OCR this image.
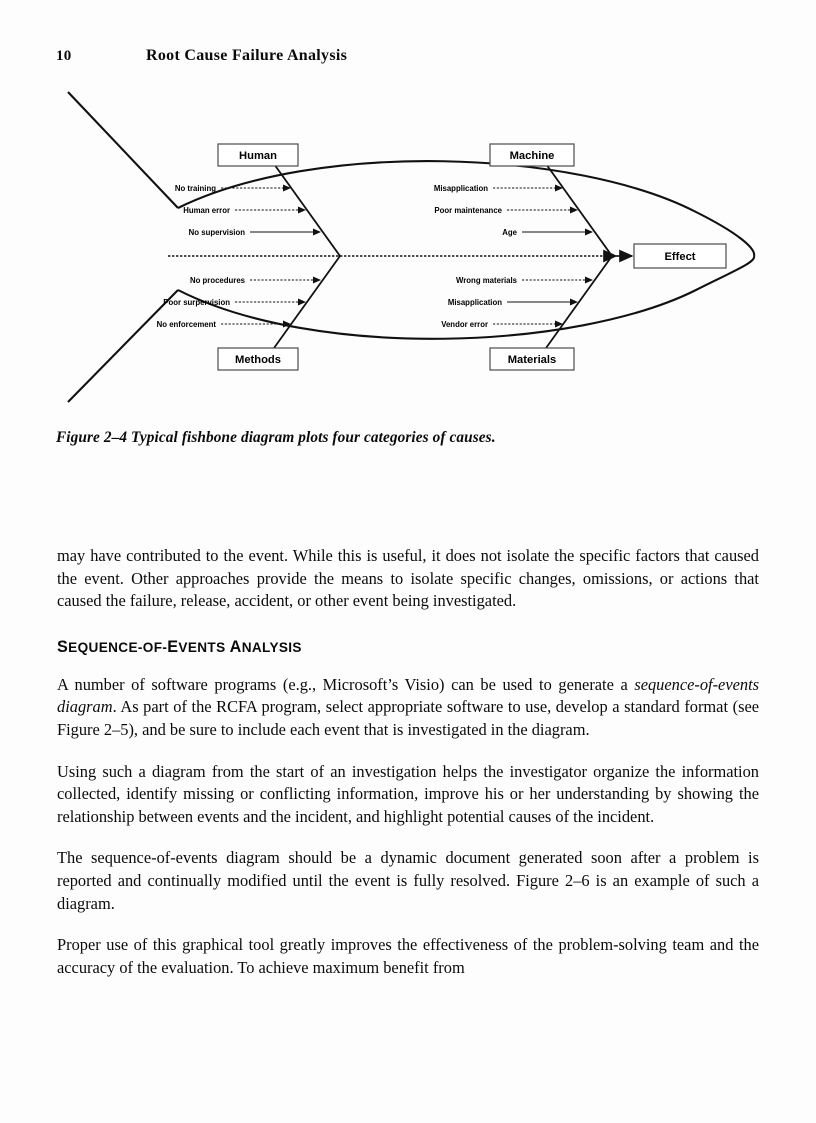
10	Root Cause Failure Analysis
Effect
Human
No training
Human error
No supervision
Methods
No procedures
Poor surpervision
No enforcement
Machine
Misapplication
Poor maintenance
Age
Materials
Wrong materials
Misapplication
Vendor error
Figure 2–4 Typical fishbone diagram plots four categories of causes.

may have contributed to the event. While this is useful, it does not isolate the specific factors that caused the event. Other approaches provide the means to isolate specific changes, omissions, or actions that caused the failure, release, accident, or other event being investigated.

SEQUENCE-OF-EVENTS ANALYSIS

A number of software programs (e.g., Microsoft’s Visio) can be used to generate a sequence-of-events diagram. As part of the RCFA program, select appropriate software to use, develop a standard format (see Figure 2–5), and be sure to include each event that is investigated in the diagram.

Using such a diagram from the start of an investigation helps the investigator organize the information collected, identify missing or conflicting information, improve his or her understanding by showing the relationship between events and the incident, and highlight potential causes of the incident.

The sequence-of-events diagram should be a dynamic document generated soon after a problem is reported and continually modified until the event is fully resolved. Figure 2–6 is an example of such a diagram.

Proper use of this graphical tool greatly improves the effectiveness of the problem-solving team and the accuracy of the evaluation. To achieve maximum benefit from
